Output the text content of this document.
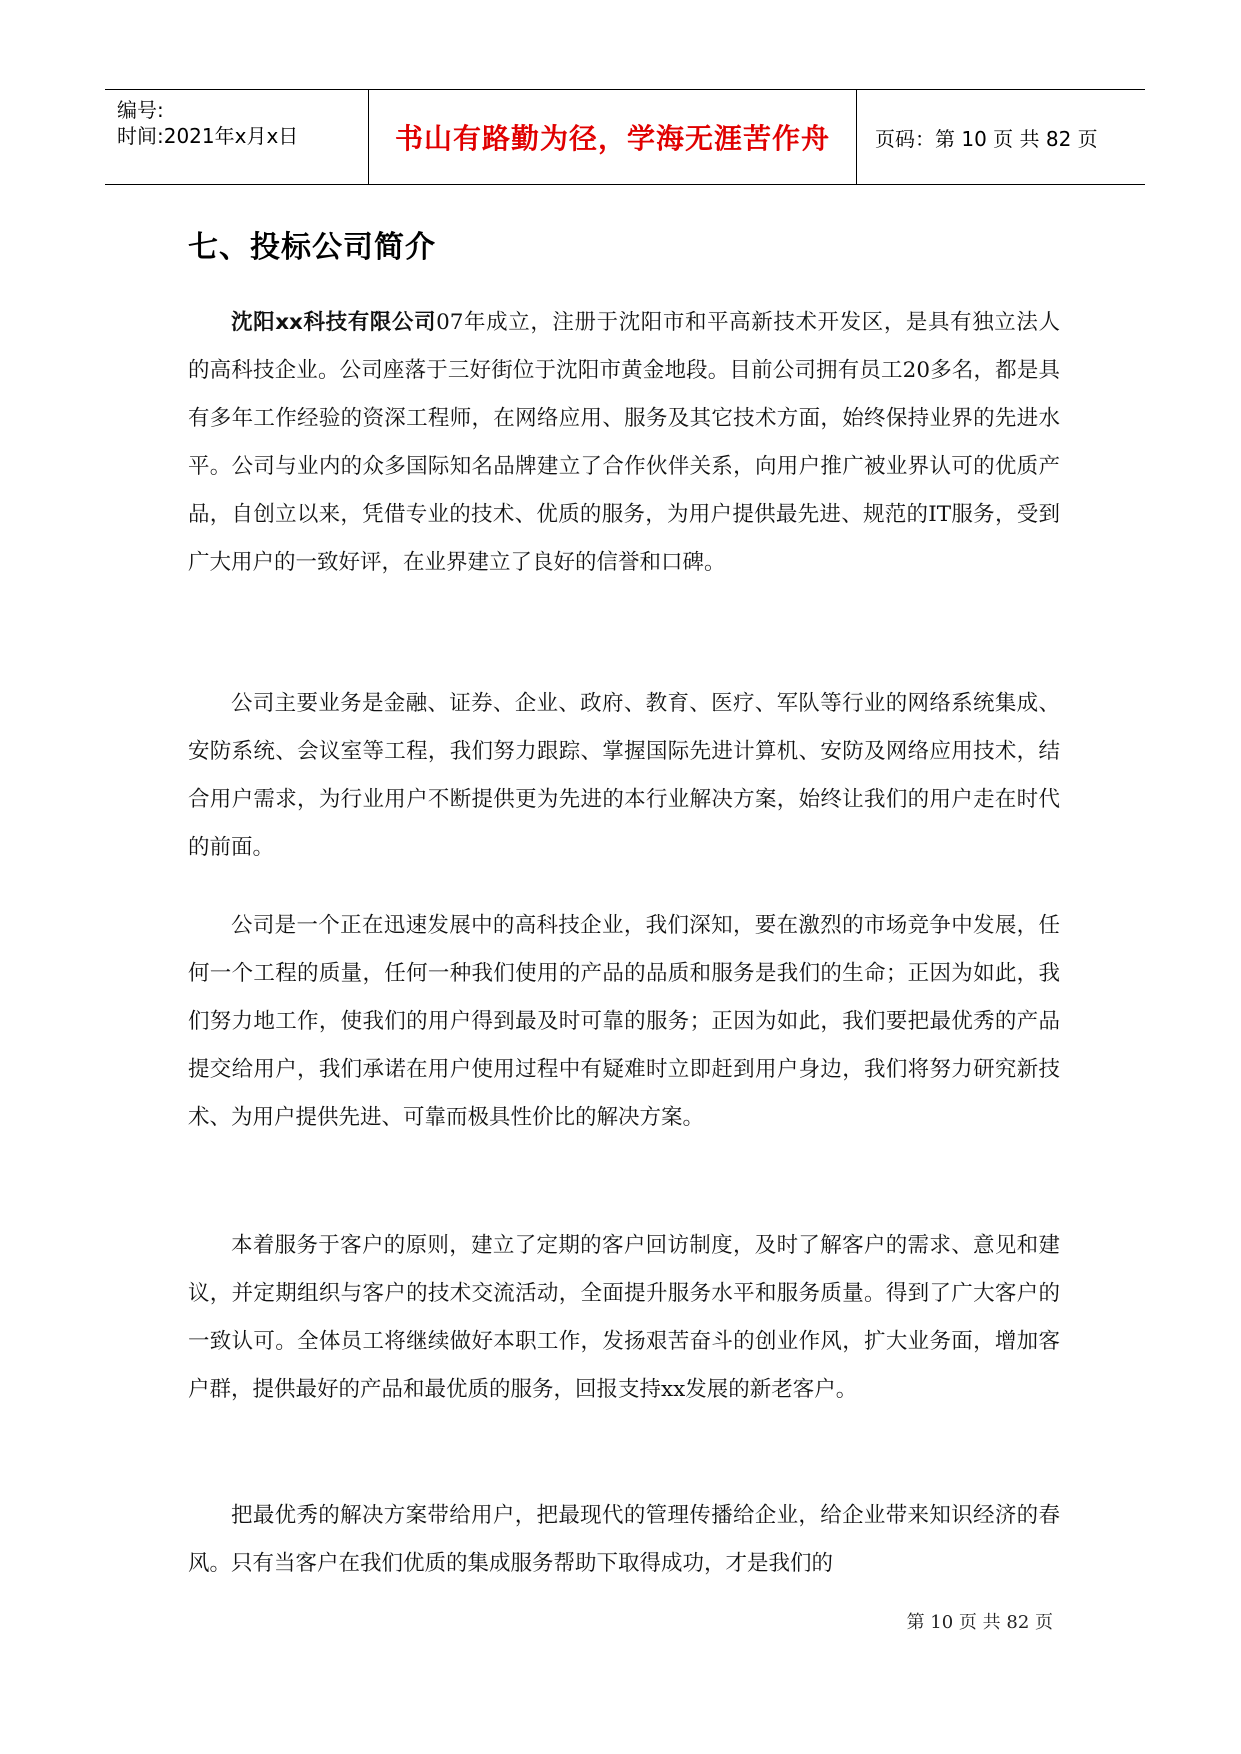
编号:
时间:2021年x月x日	书山有路勤为径，学海无涯苦作舟	页码：第 10 页 共 82 页
七、投标公司简介

沈阳xx科技有限公司07年成立，注册于沈阳市和平高新技术开发区，是具有独立法人的高科技企业。公司座落于三好街位于沈阳市黄金地段。目前公司拥有员工20多名，都是具有多年工作经验的资深工程师，在网络应用、服务及其它技术方面，始终保持业界的先进水平。公司与业内的众多国际知名品牌建立了合作伙伴关系，向用户推广被业界认可的优质产品，自创立以来，凭借专业的技术、优质的服务，为用户提供最先进、规范的IT服务，受到广大用户的一致好评，在业界建立了良好的信誉和口碑。

公司主要业务是金融、证券、企业、政府、教育、医疗、军队等行业的网络系统集成、安防系统、会议室等工程，我们努力跟踪、掌握国际先进计算机、安防及网络应用技术，结合用户需求，为行业用户不断提供更为先进的本行业解决方案，始终让我们的用户走在时代的前面。

公司是一个正在迅速发展中的高科技企业，我们深知，要在激烈的市场竞争中发展，任何一个工程的质量，任何一种我们使用的产品的品质和服务是我们的生命；正因为如此，我们努力地工作，使我们的用户得到最及时可靠的服务；正因为如此，我们要把最优秀的产品提交给用户，我们承诺在用户使用过程中有疑难时立即赶到用户身边，我们将努力研究新技术、为用户提供先进、可靠而极具性价比的解决方案。

本着服务于客户的原则，建立了定期的客户回访制度，及时了解客户的需求、意见和建议，并定期组织与客户的技术交流活动，全面提升服务水平和服务质量。得到了广大客户的一致认可。全体员工将继续做好本职工作，发扬艰苦奋斗的创业作风，扩大业务面，增加客户群，提供最好的产品和最优质的服务，回报支持xx发展的新老客户。

把最优秀的解决方案带给用户，把最现代的管理传播给企业，给企业带来知识经济的春风。只有当客户在我们优质的集成服务帮助下取得成功，才是我们的

第 10 页 共 82 页
